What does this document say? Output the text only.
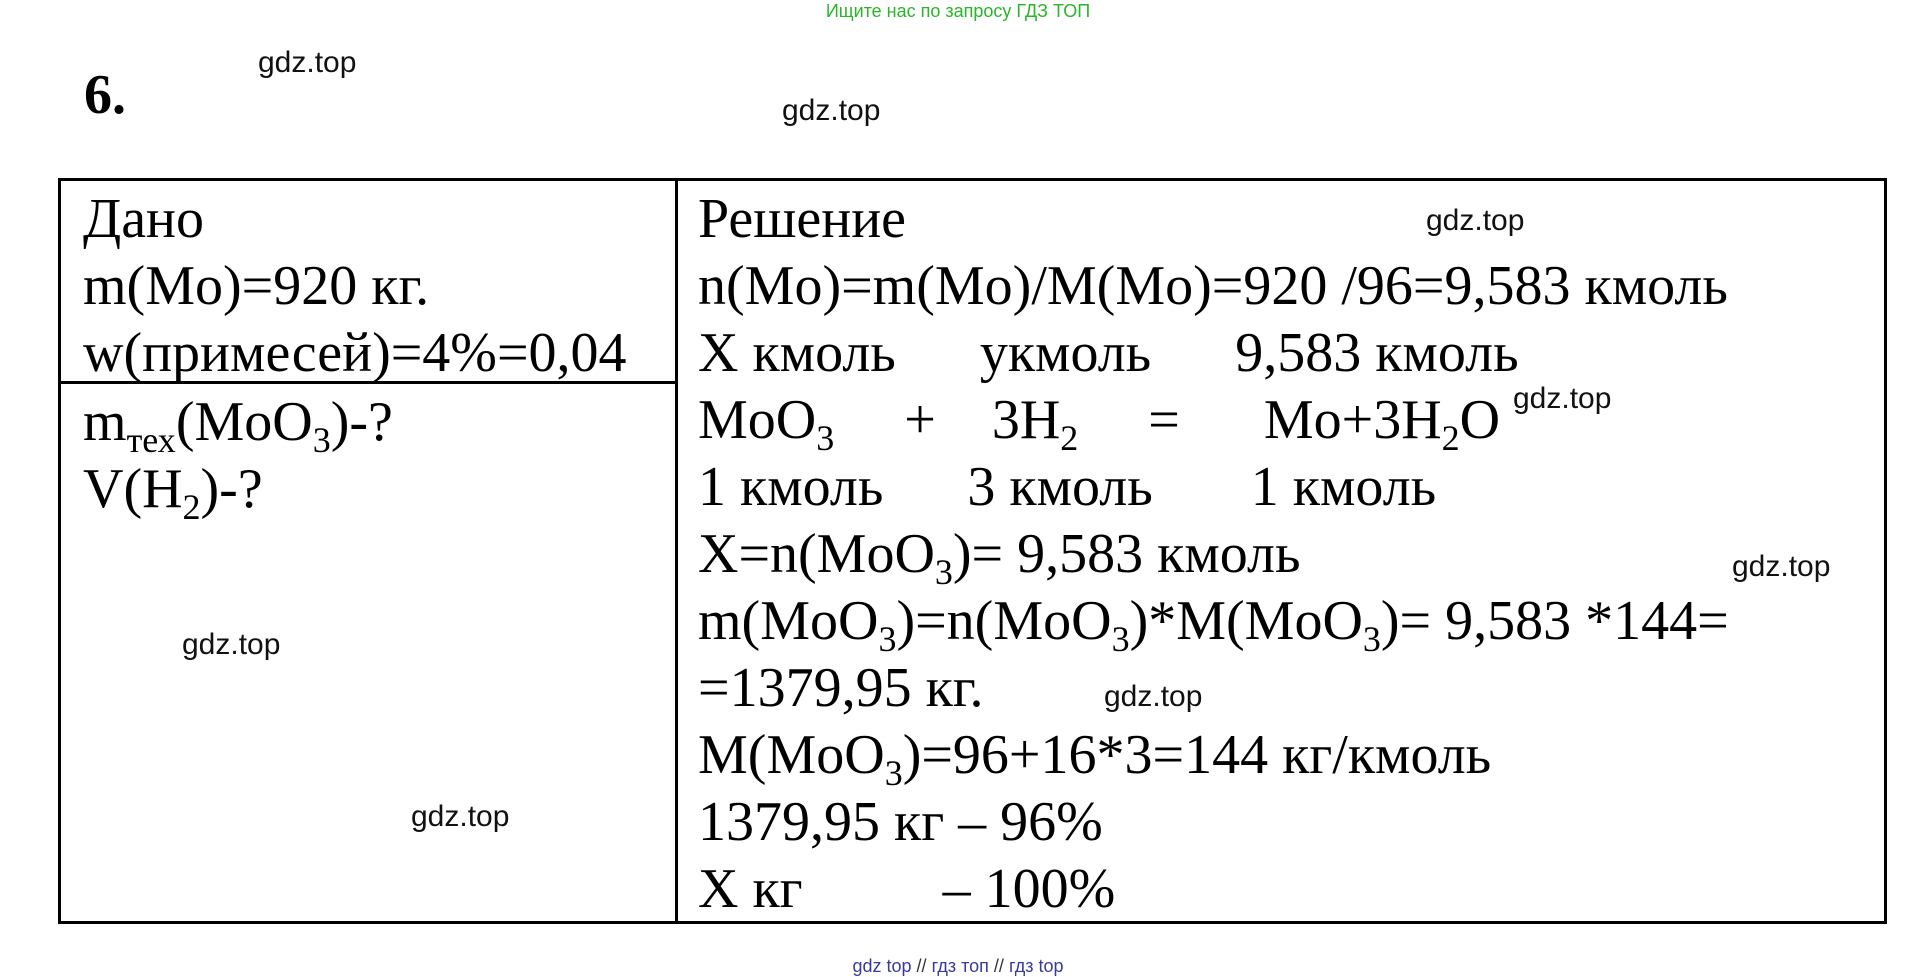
Ищите нас по запросу ГДЗ ТОП
6.
gdz.top
gdz.top
gdz.top
gdz.top
gdz.top
gdz.top
gdz.top
gdz.top
Дано
m(Mo)=920 кг.
w(примесей)=4%=0,04
$m_{тех}(MoO_3)-$?
$V(H_2)-$?
Решение
n(Mo)=m(Mo)/M(Mo)=920 /96=9,583 кмоль
X кмоль      укмоль      9,583 кмоль
MoO$_3$     +    $3H_2$     =      $Mo+3H_2O$
1 кмоль      3 кмоль       1 кмоль
X=n(MoO$_3$)= 9,583 кмоль
m(MoO$_3$)=n(MoO$_3$)*M(MoO$_3$)= 9,583 *144=
=1379,95 кг.
M(MoO$_3$)=96+16*3=144 кг/кмоль
1379,95 кг – 96%
X кг          – 100%
gdz top // гдз топ // гдз top
